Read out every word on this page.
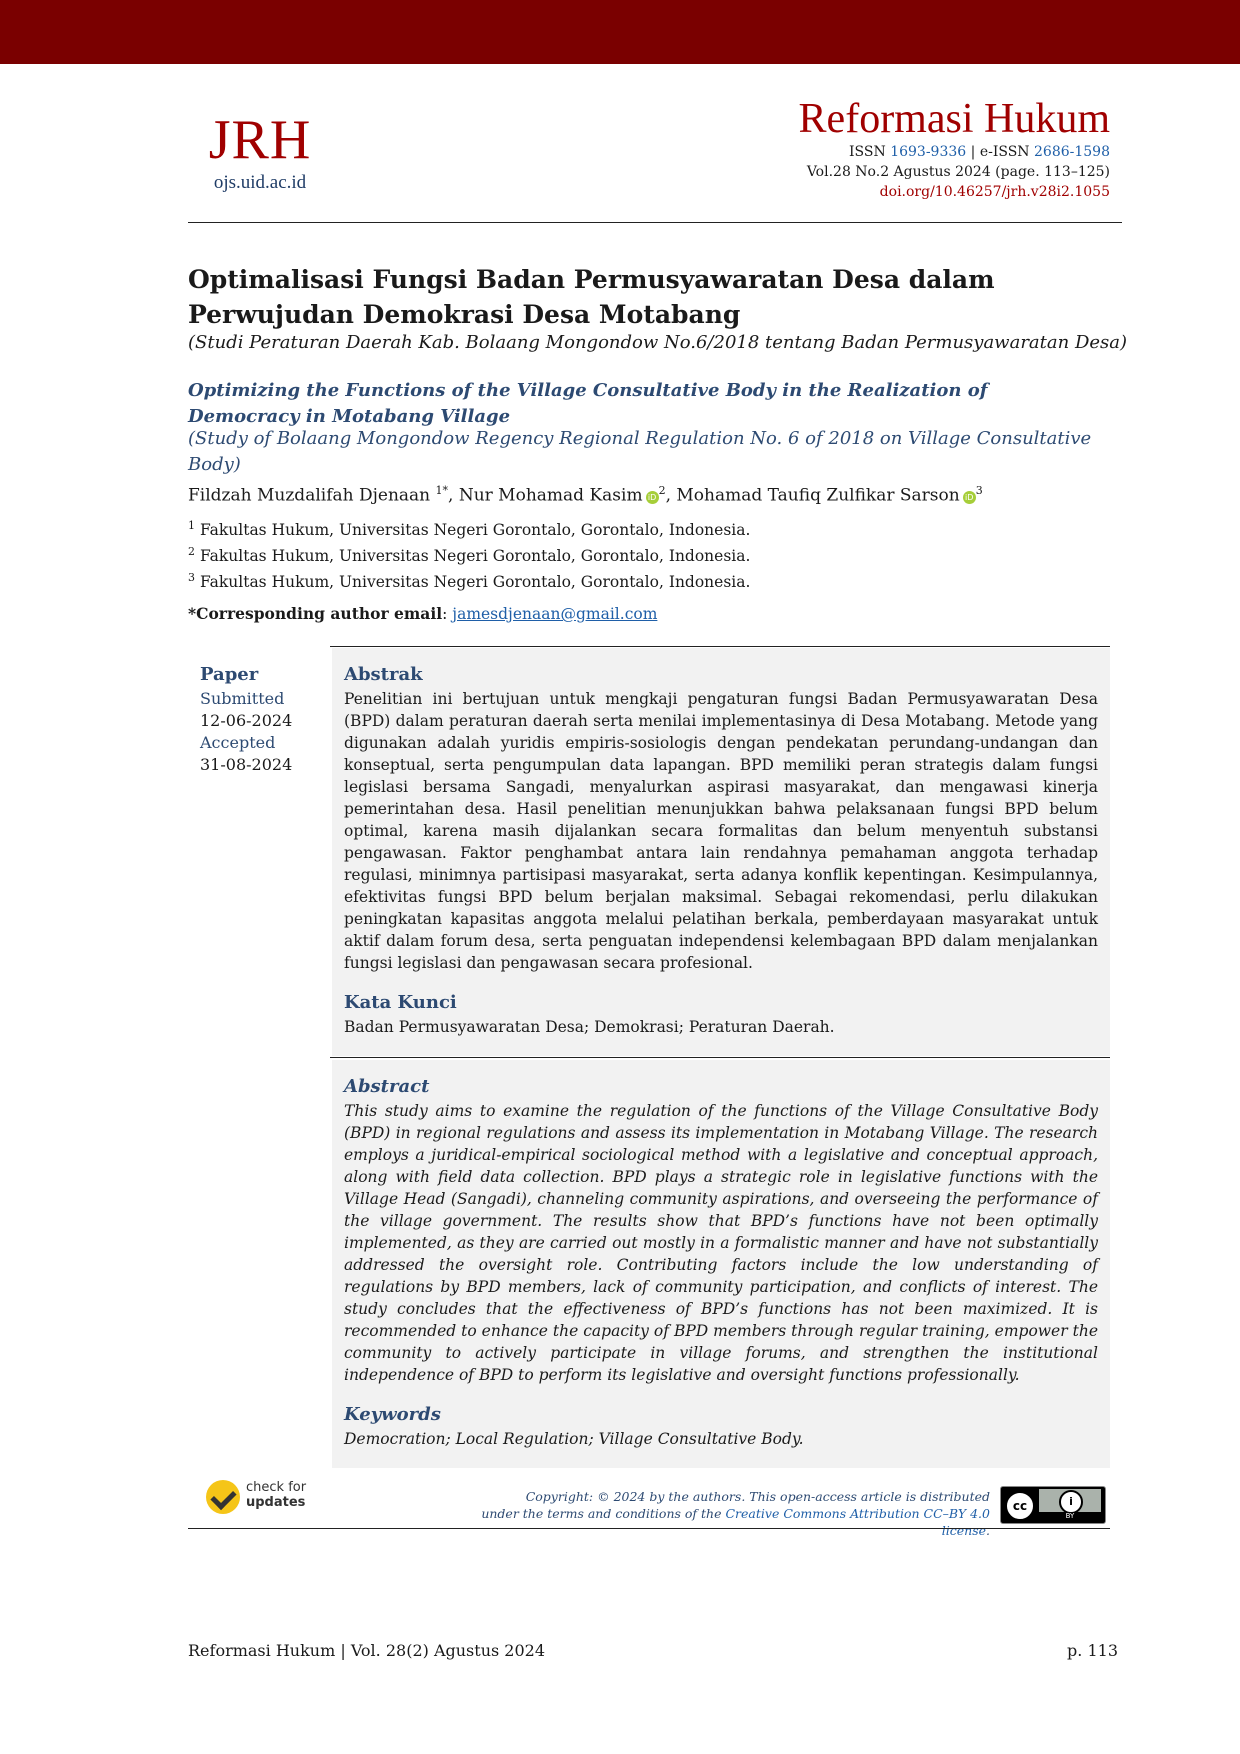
JRH
ojs.uid.ac.id
Reformasi Hukum
ISSN 1693-9336 | e-ISSN 2686-1598
Vol.28 No.2 Agustus 2024 (page. 113–125)
doi.org/10.46257/jrh.v28i2.1055
Optimalisasi Fungsi Badan Permusyawaratan Desa dalam Perwujudan Demokrasi Desa Motabang
(Studi Peraturan Daerah Kab. Bolaang Mongondow No.6/2018 tentang Badan Permusyawaratan Desa)
Optimizing the Functions of the Village Consultative Body in the Realization of Democracy in Motabang Village
(Study of Bolaang Mongondow Regency Regional Regulation No. 6 of 2018 on Village Consultative Body)
Fildzah Muzdalifah Djenaan $^{1*}$, Nur Mohamad Kasim $iD^2$, Mohamad Taufiq Zulfikar Sarson $iD^3$
$^1$ Fakultas Hukum, Universitas Negeri Gorontalo, Gorontalo, Indonesia.
$^2$ Fakultas Hukum, Universitas Negeri Gorontalo, Gorontalo, Indonesia.
$^3$ Fakultas Hukum, Universitas Negeri Gorontalo, Gorontalo, Indonesia.
*Corresponding author email: jamesdjenaan@gmail.com
Paper
Submitted
12-06-2024
Accepted
31-08-2024
Abstrak
Penelitian ini bertujuan untuk mengkaji pengaturan fungsi Badan Permusyawaratan Desa (BPD) dalam peraturan daerah serta menilai implementasinya di Desa Motabang. Metode yang digunakan adalah yuridis empiris-sosiologis dengan pendekatan perundang-undangan dan konseptual, serta pengumpulan data lapangan. BPD memiliki peran strategis dalam fungsi legislasi bersama Sangadi, menyalurkan aspirasi masyarakat, dan mengawasi kinerja pemerintahan desa. Hasil penelitian menunjukkan bahwa pelaksanaan fungsi BPD belum optimal, karena masih dijalankan secara formalitas dan belum menyentuh substansi pengawasan. Faktor penghambat antara lain rendahnya pemahaman anggota terhadap regulasi, minimnya partisipasi masyarakat, serta adanya konflik kepentingan. Kesimpulannya, efektivitas fungsi BPD belum berjalan maksimal. Sebagai rekomendasi, perlu dilakukan peningkatan kapasitas anggota melalui pelatihan berkala, pemberdayaan masyarakat untuk aktif dalam forum desa, serta penguatan independensi kelembagaan BPD dalam menjalankan fungsi legislasi dan pengawasan secara profesional.
Kata Kunci
Badan Permusyawaratan Desa; Demokrasi; Peraturan Daerah.
Abstract
This study aims to examine the regulation of the functions of the Village Consultative Body (BPD) in regional regulations and assess its implementation in Motabang Village. The research employs a juridical-empirical sociological method with a legislative and conceptual approach, along with field data collection. BPD plays a strategic role in legislative functions with the Village Head (Sangadi), channeling community aspirations, and overseeing the performance of the village government. The results show that BPD’s functions have not been optimally implemented, as they are carried out mostly in a formalistic manner and have not substantially addressed the oversight role. Contributing factors include the low understanding of regulations by BPD members, lack of community participation, and conflicts of interest. The study concludes that the effectiveness of BPD’s functions has not been maximized. It is recommended to enhance the capacity of BPD members through regular training, empower the community to actively participate in village forums, and strengthen the institutional independence of BPD to perform its legislative and oversight functions professionally.
Keywords
Democration; Local Regulation; Village Consultative Body.
check for
updates	Copyright: © 2024 by the authors. This open-access article is distributed
under the terms and conditions of the Creative Commons Attribution CC–BY 4.0 license.
cc	i
BY
Reformasi Hukum | Vol. 28(2) Agustus 2024	p. 113
